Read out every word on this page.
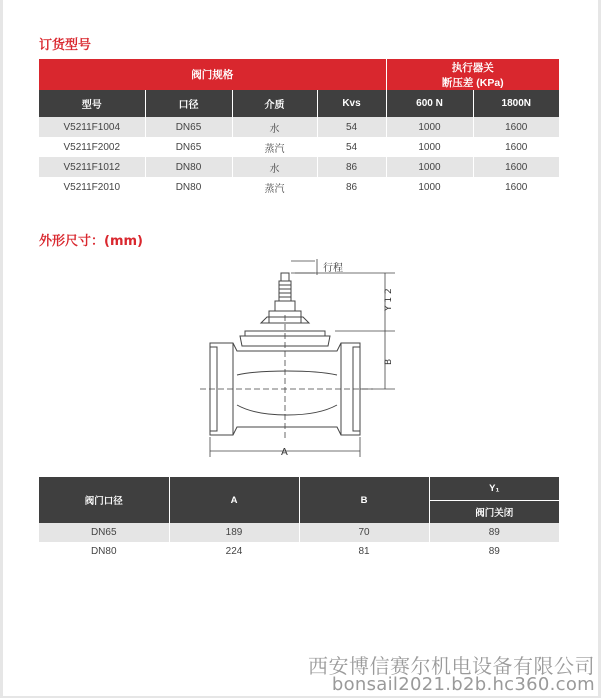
订货型号
阀门规格				执行器关
断压差 (KPa)	

型号	口径	介质	Kvs	600 N	1800N
V5211F1004	DN65	水	54	1000	1600
V5211F2002	DN65	蒸汽	54	1000	1600
V5211F1012	DN80	水	86	1000	1600
V5211F2010	DN80	蒸汽	86	1000	1600
外形尺寸：(mm)
行程
Y 1 2
B
A
阀门口径	A	B	Y₁
			阀门关闭
DN65	189	70	89
DN80	224	81	89
西安博信赛尔机电设备有限公司
bonsail2021.b2b.hc360.com
